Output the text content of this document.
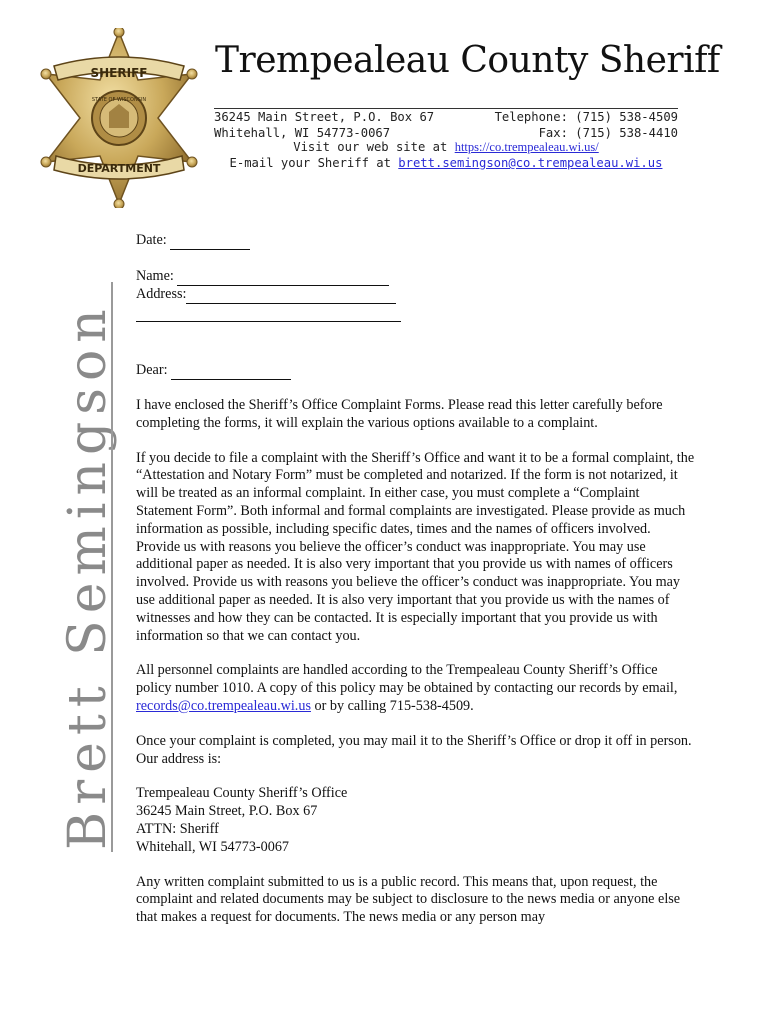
SHERIFF
DEPARTMENT
STATE OF WISCONSIN
Trempealeau County Sheriff
36245 Main Street, P.O. Box 67	Telephone: (715) 538-4509
Whitehall, WI 54773-0067	Fax: (715) 538-4410
Visit our web site at https://co.trempealeau.wi.us/
E-mail your Sheriff at brett.semingson@co.trempealeau.wi.us
Brett Semingson
Date:
Name:
Address:
Dear:

I have enclosed the Sheriff’s Office Complaint Forms. Please read this letter carefully before completing the forms, it will explain the various options available to a complaint.

If you decide to file a complaint with the Sheriff’s Office and want it to be a formal complaint, the “Attestation and Notary Form” must be completed and notarized. If the form is not notarized, it will be treated as an informal complaint. In either case, you must complete a “Complaint Statement Form”. Both informal and formal complaints are investigated. Please provide as much information as possible, including specific dates, times and the names of officers involved. Provide us with reasons you believe the officer’s conduct was inappropriate. You may use additional paper as needed. It is also very important that you provide us with names of officers involved. Provide us with reasons you believe the officer’s conduct was inappropriate. You may use additional paper as needed. It is also very important that you provide us with the names of witnesses and how they can be contacted. It is especially important that you provide us with information so that we can contact you.

All personnel complaints are handled according to the Trempealeau County Sheriff’s Office policy number 1010. A copy of this policy may be obtained by contacting our records by email, records@co.trempealeau.wi.us or by calling 715-538-4509.

Once your complaint is completed, you may mail it to the Sheriff’s Office or drop it off in person. Our address is:

Trempealeau County Sheriff’s Office
36245 Main Street, P.O. Box 67
ATTN: Sheriff
Whitehall, WI 54773-0067

Any written complaint submitted to us is a public record. This means that, upon request, the complaint and related documents may be subject to disclosure to the news media or anyone else that makes a request for documents. The news media or any person may
